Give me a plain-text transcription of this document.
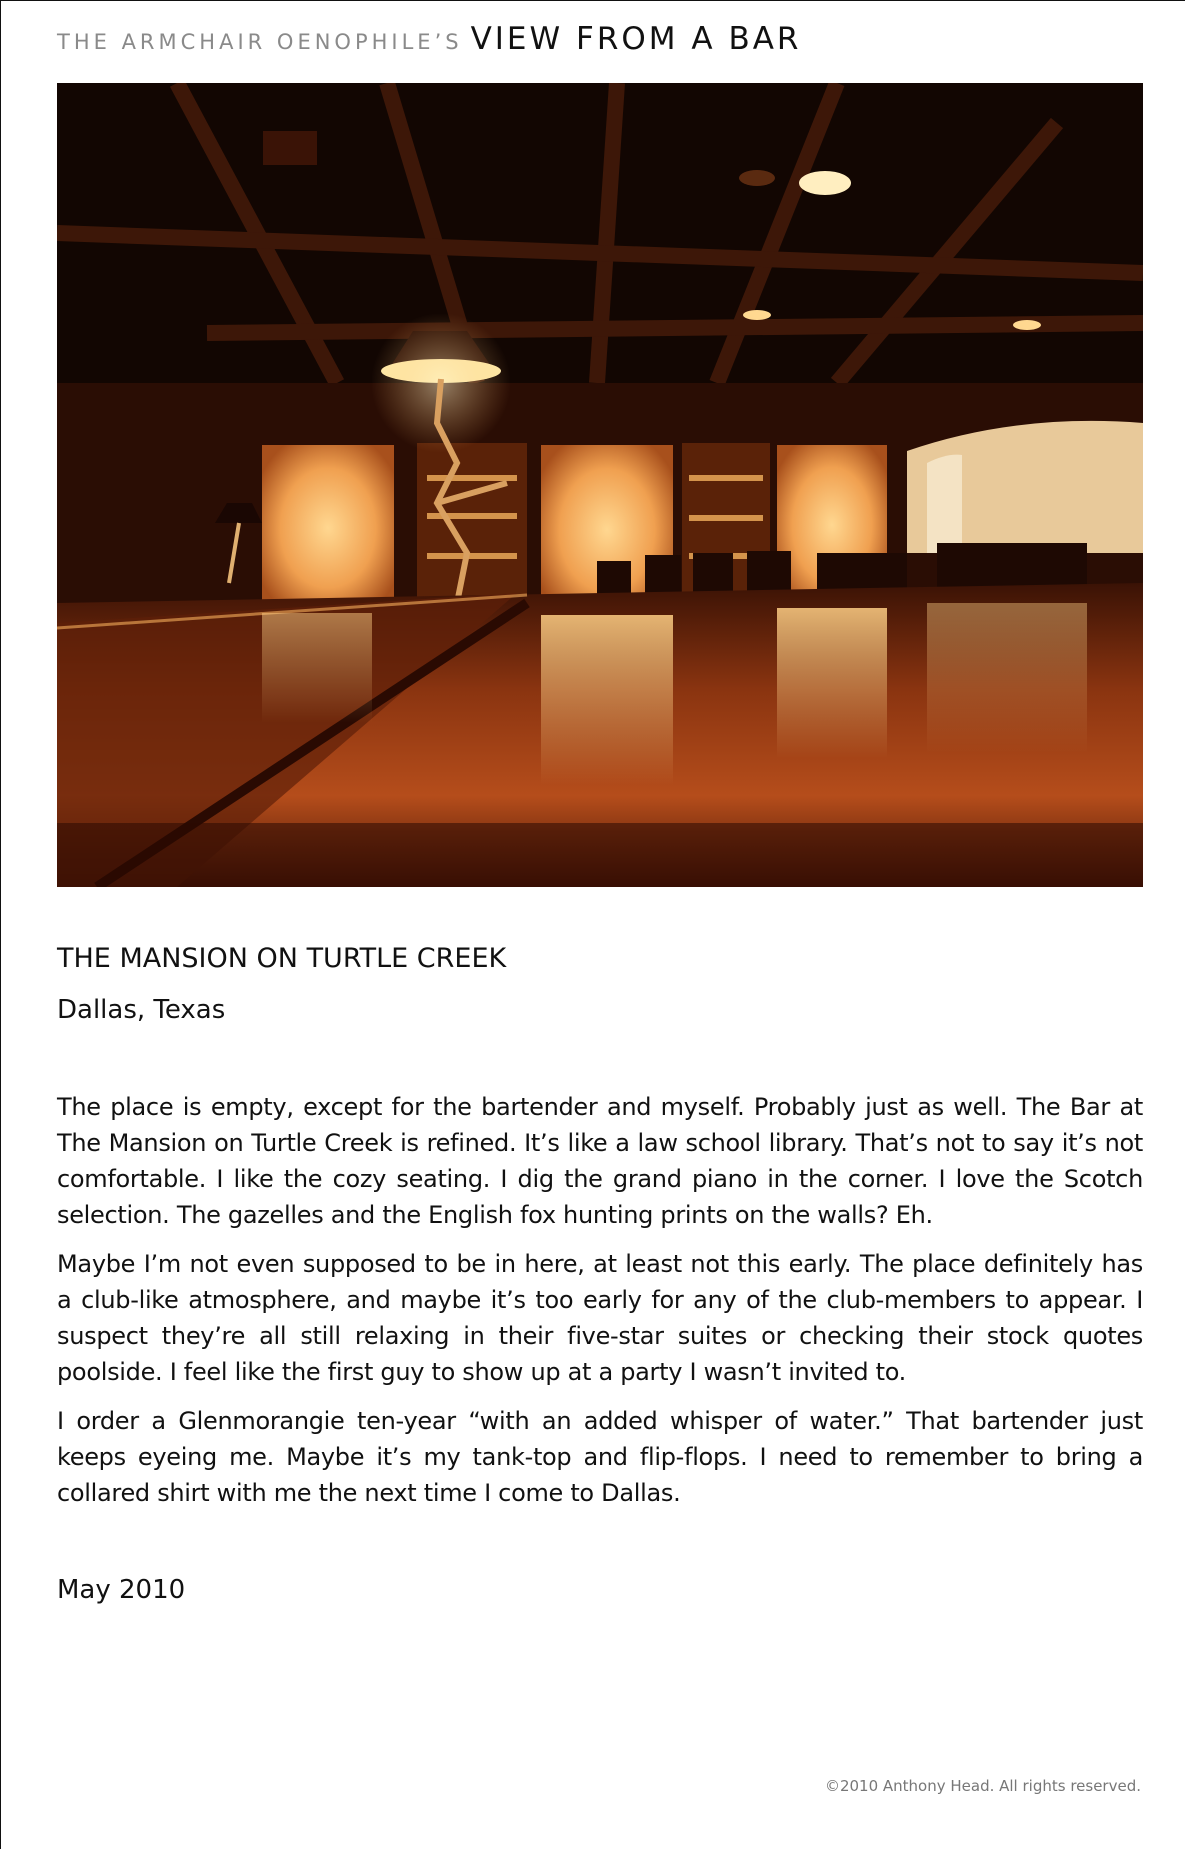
THE ARMCHAIR OENOPHILE’S VIEW FROM A BAR
THE MANSION ON TURTLE CREEK
Dallas, Texas

The place is empty, except for the bartender and myself. Probably just as well. The Bar at The Mansion on Turtle Creek is refined. It’s like a law school library. That’s not to say it’s not comfortable. I like the cozy seating. I dig the grand piano in the corner. I love the Scotch selection. The gazelles and the English fox hunting prints on the walls? Eh.

Maybe I’m not even supposed to be in here, at least not this early. The place definitely has a club-like atmosphere, and maybe it’s too early for any of the club-members to appear. I suspect they’re all still relaxing in their five-star suites or checking their stock quotes poolside. I feel like the first guy to show up at a party I wasn’t invited to.

I order a Glenmorangie ten-year “with an added whisper of water.” That bartender just keeps eyeing me. Maybe it’s my tank-top and flip-flops. I need to remember to bring a collared shirt with me the next time I come to Dallas.

May 2010
©2010 Anthony Head. All rights reserved.
